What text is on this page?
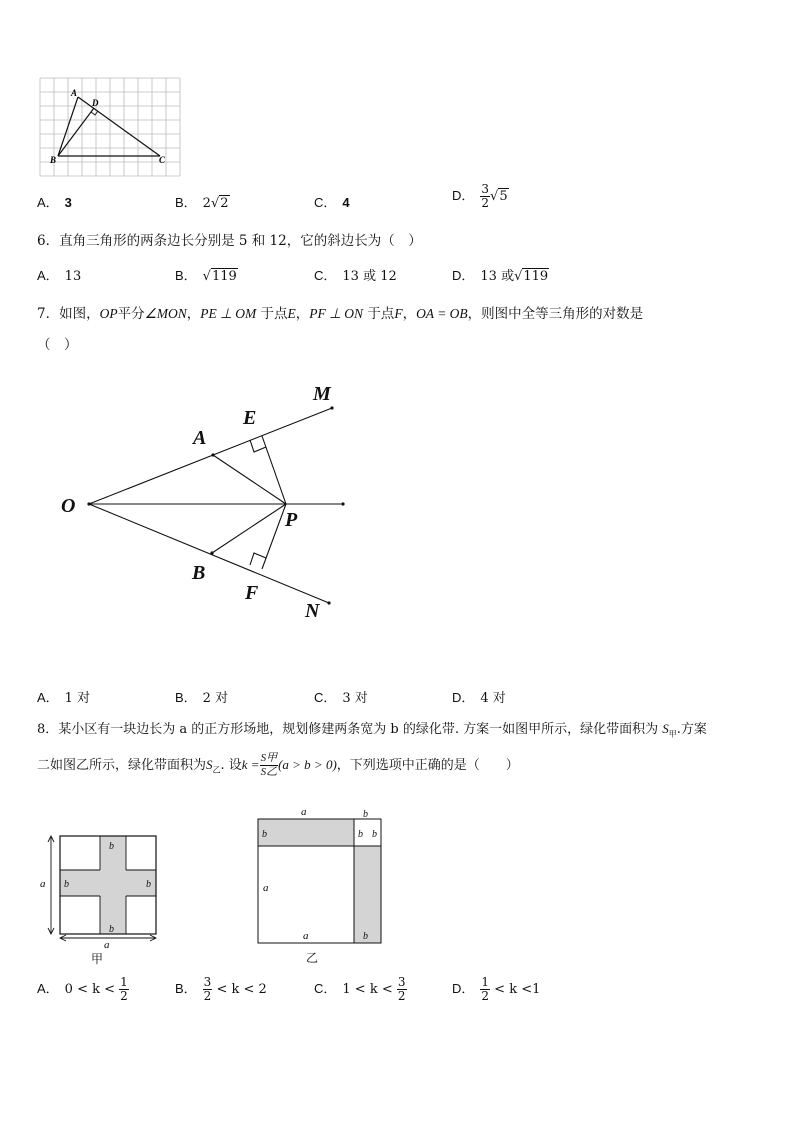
A
D
B	C
A． 3	B． 2√2	C． 4	D． $\frac{3}{2} √5$
6．直角三角形的两条边长分别是 5 和 12，它的斜边长为（　）
A． 13	B． √119	C． 13 或 12	D． 13 或√119
7．如图，OP平分∠MON，PE ⊥ OM 于点E，PF ⊥ ON 于点F，OA = OB，则图中全等三角形的对数是
（　）
O
A
E
M
P
B
F
N
A． 1 对	B． 2 对	C． 3 对	D． 4 对
8．某小区有一块边长为 a 的正方形场地，规划修建两条宽为 b 的绿化带. 方案一如图甲所示，绿化带面积为 $S_甲$.方案
二如图乙所示，绿化带面积为$S_乙$. 设$k = \frac{\text{S甲}}{\text{S乙}} (a > b > 0)$，下列选项中正确的是（　　）
a
a
b
b	b
b
甲
a	b
b	b b
a
a	b
乙
A． $0 < k < \frac{1}{2}$	B． $\frac{3}{2} < k < 2$	C． $1 < k < \frac{3}{2}$	D． $\frac{1}{2} < k <1$
